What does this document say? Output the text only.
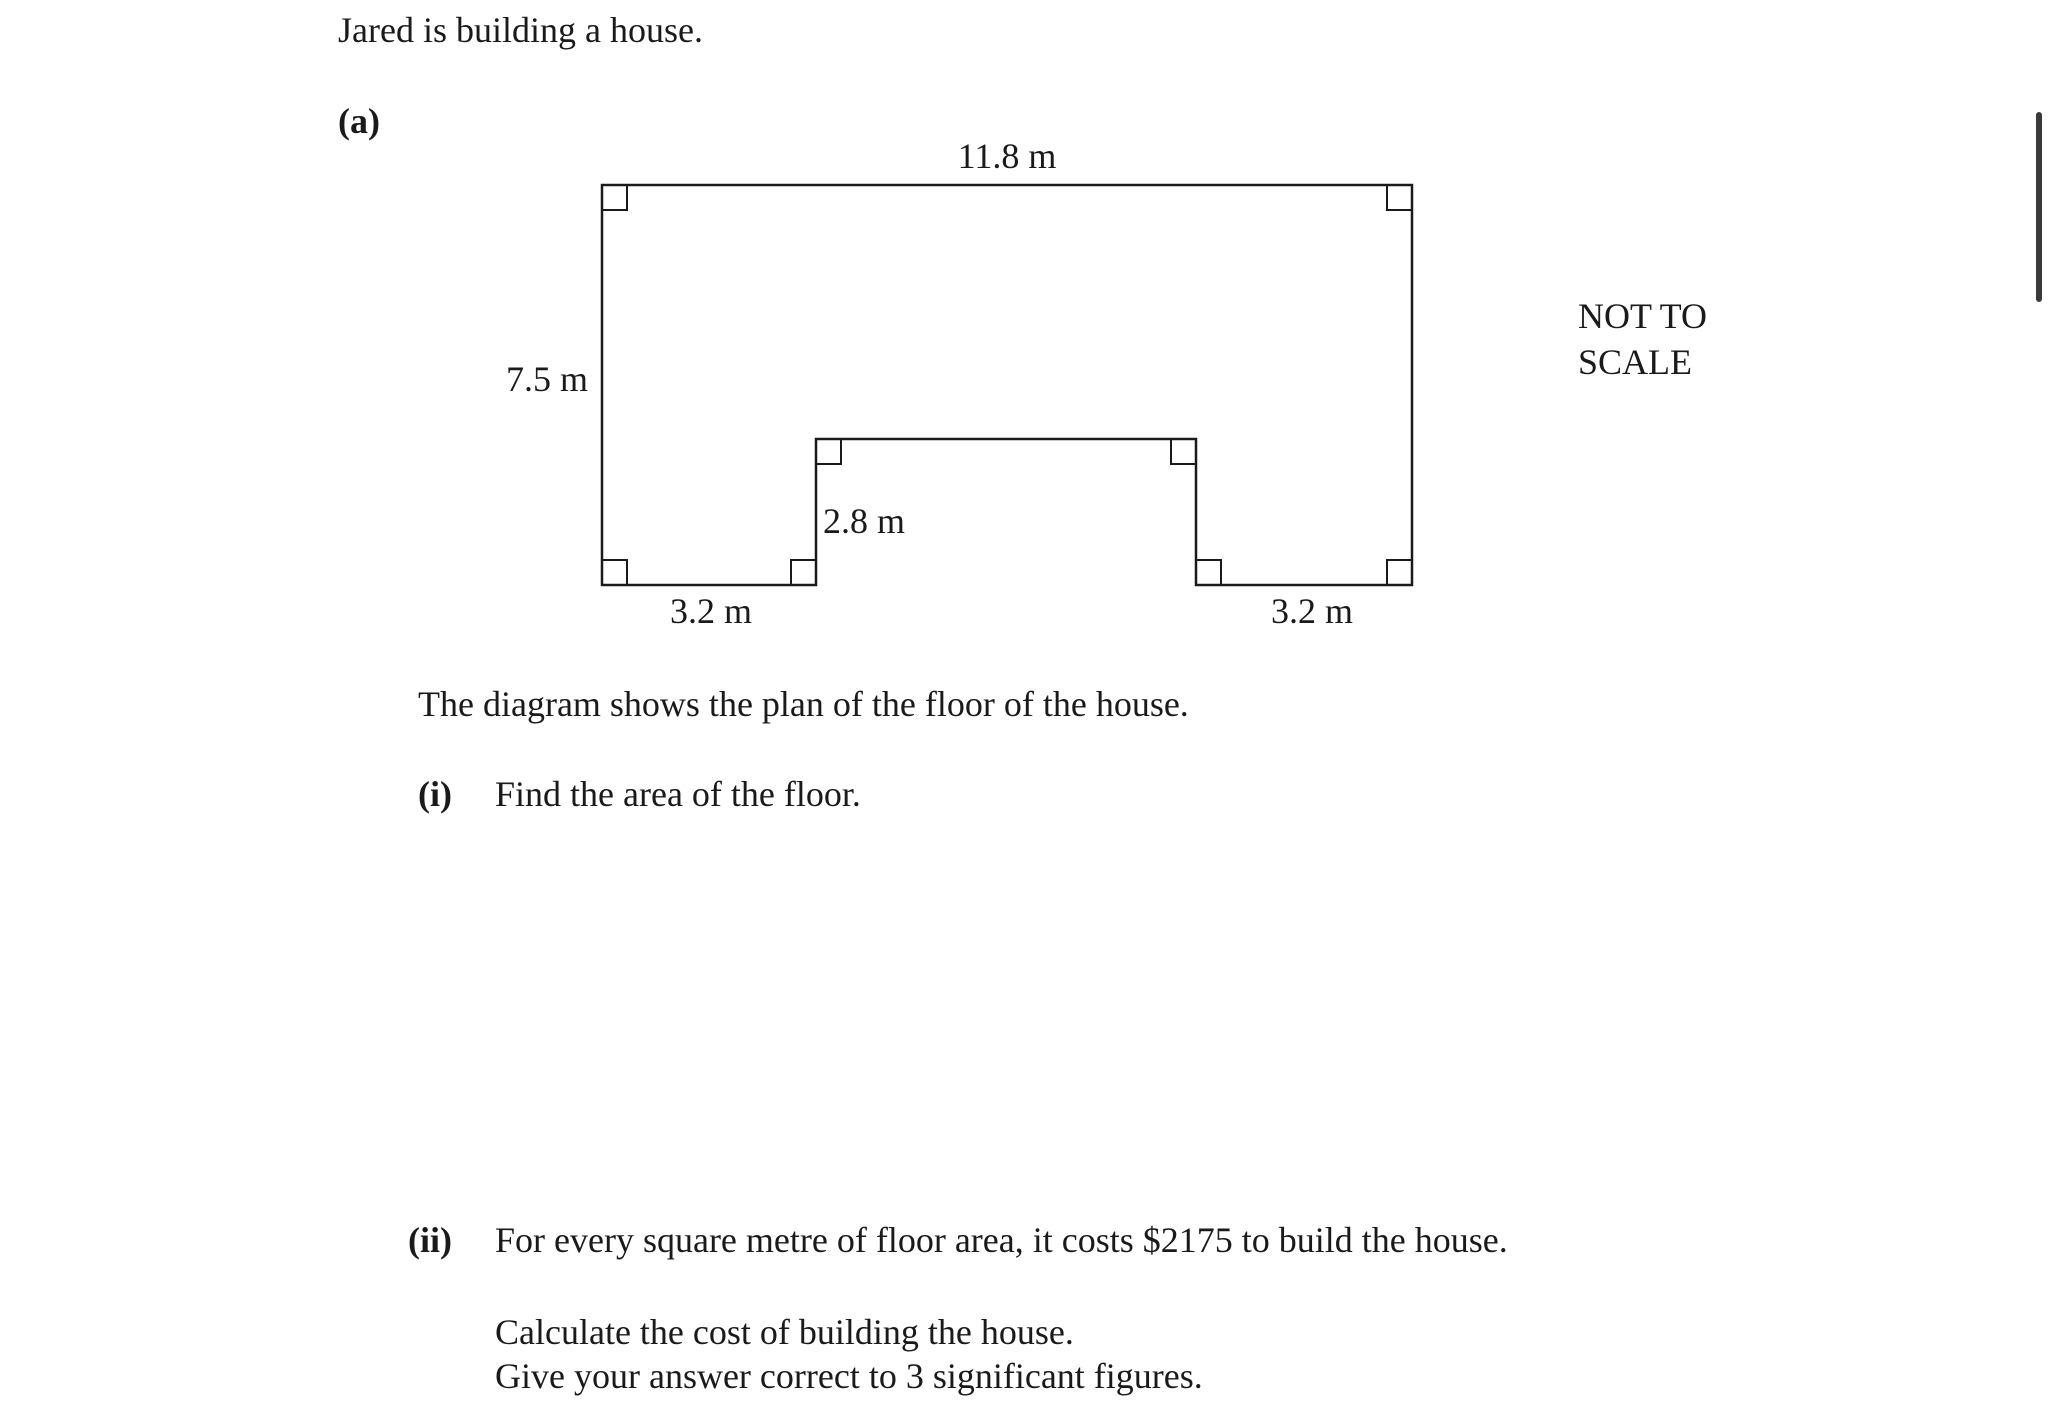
Jared is building a house.
(a)
11.8 m
7.5 m
2.8 m
3.2 m	3.2 m
NOT TO
SCALE
The diagram shows the plan of the floor of the house.
(i) Find the area of the floor.
(ii) For every square metre of floor area, it costs $2175 to build the house.
Calculate the cost of building the house.
Give your answer correct to 3 significant figures.
